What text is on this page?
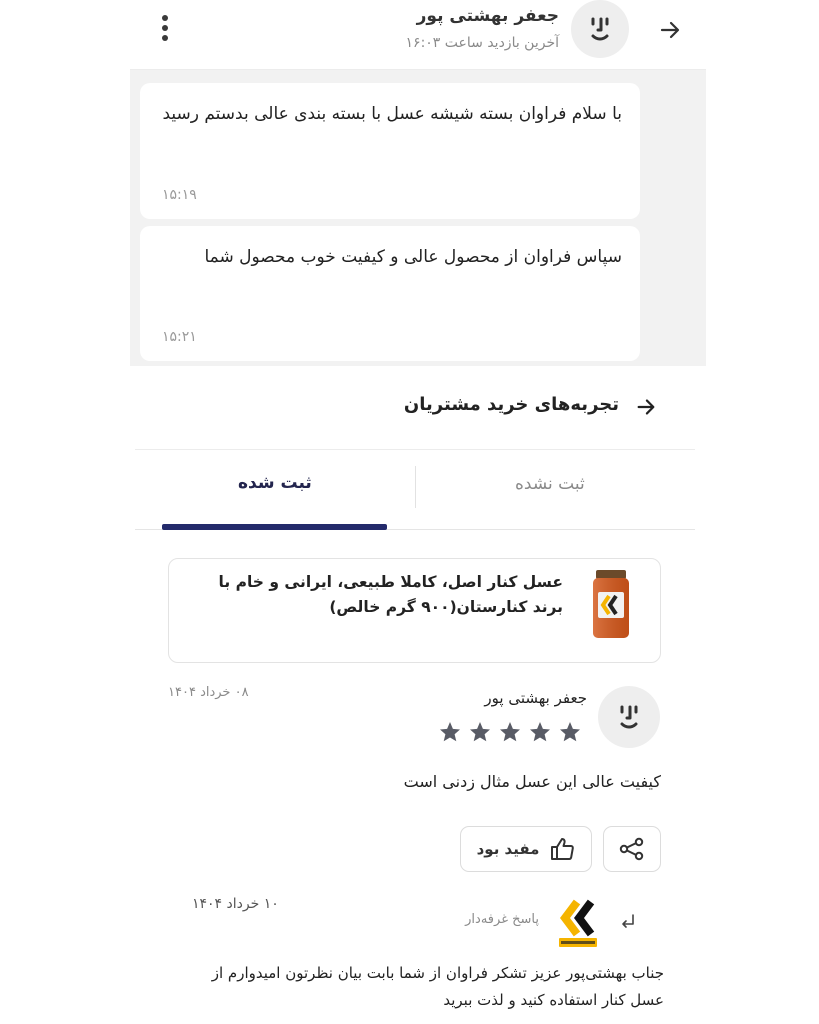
جعفر بهشتی پور
آخرین بازدید ساعت ۱۶:۰۳
با سلام فراوان بسته شیشه عسل با بسته بندی عالی بدستم رسید
۱۵:۱۹
سپاس فراوان از محصول عالی و کیفیت خوب محصول شما
۱۵:۲۱
تجربه‌های خرید مشتریان
ثبت شده	ثبت نشده
عسل کنار اصل، کاملا طبیعی، ایرانی و خام با برند کنارستان(۹۰۰ گرم خالص)
جعفر بهشتی پور
۰۸ خرداد ۱۴۰۴
کیفیت عالی این عسل مثال زدنی است
مفید بود
۱۰ خرداد ۱۴۰۴
پاسخ غرفه‌دار
جناب بهشتی‌پور عزیز تشکر فراوان از شما بابت بیان نظرتون امیدوارم از عسل کنار استفاده کنید و لذت ببرید
